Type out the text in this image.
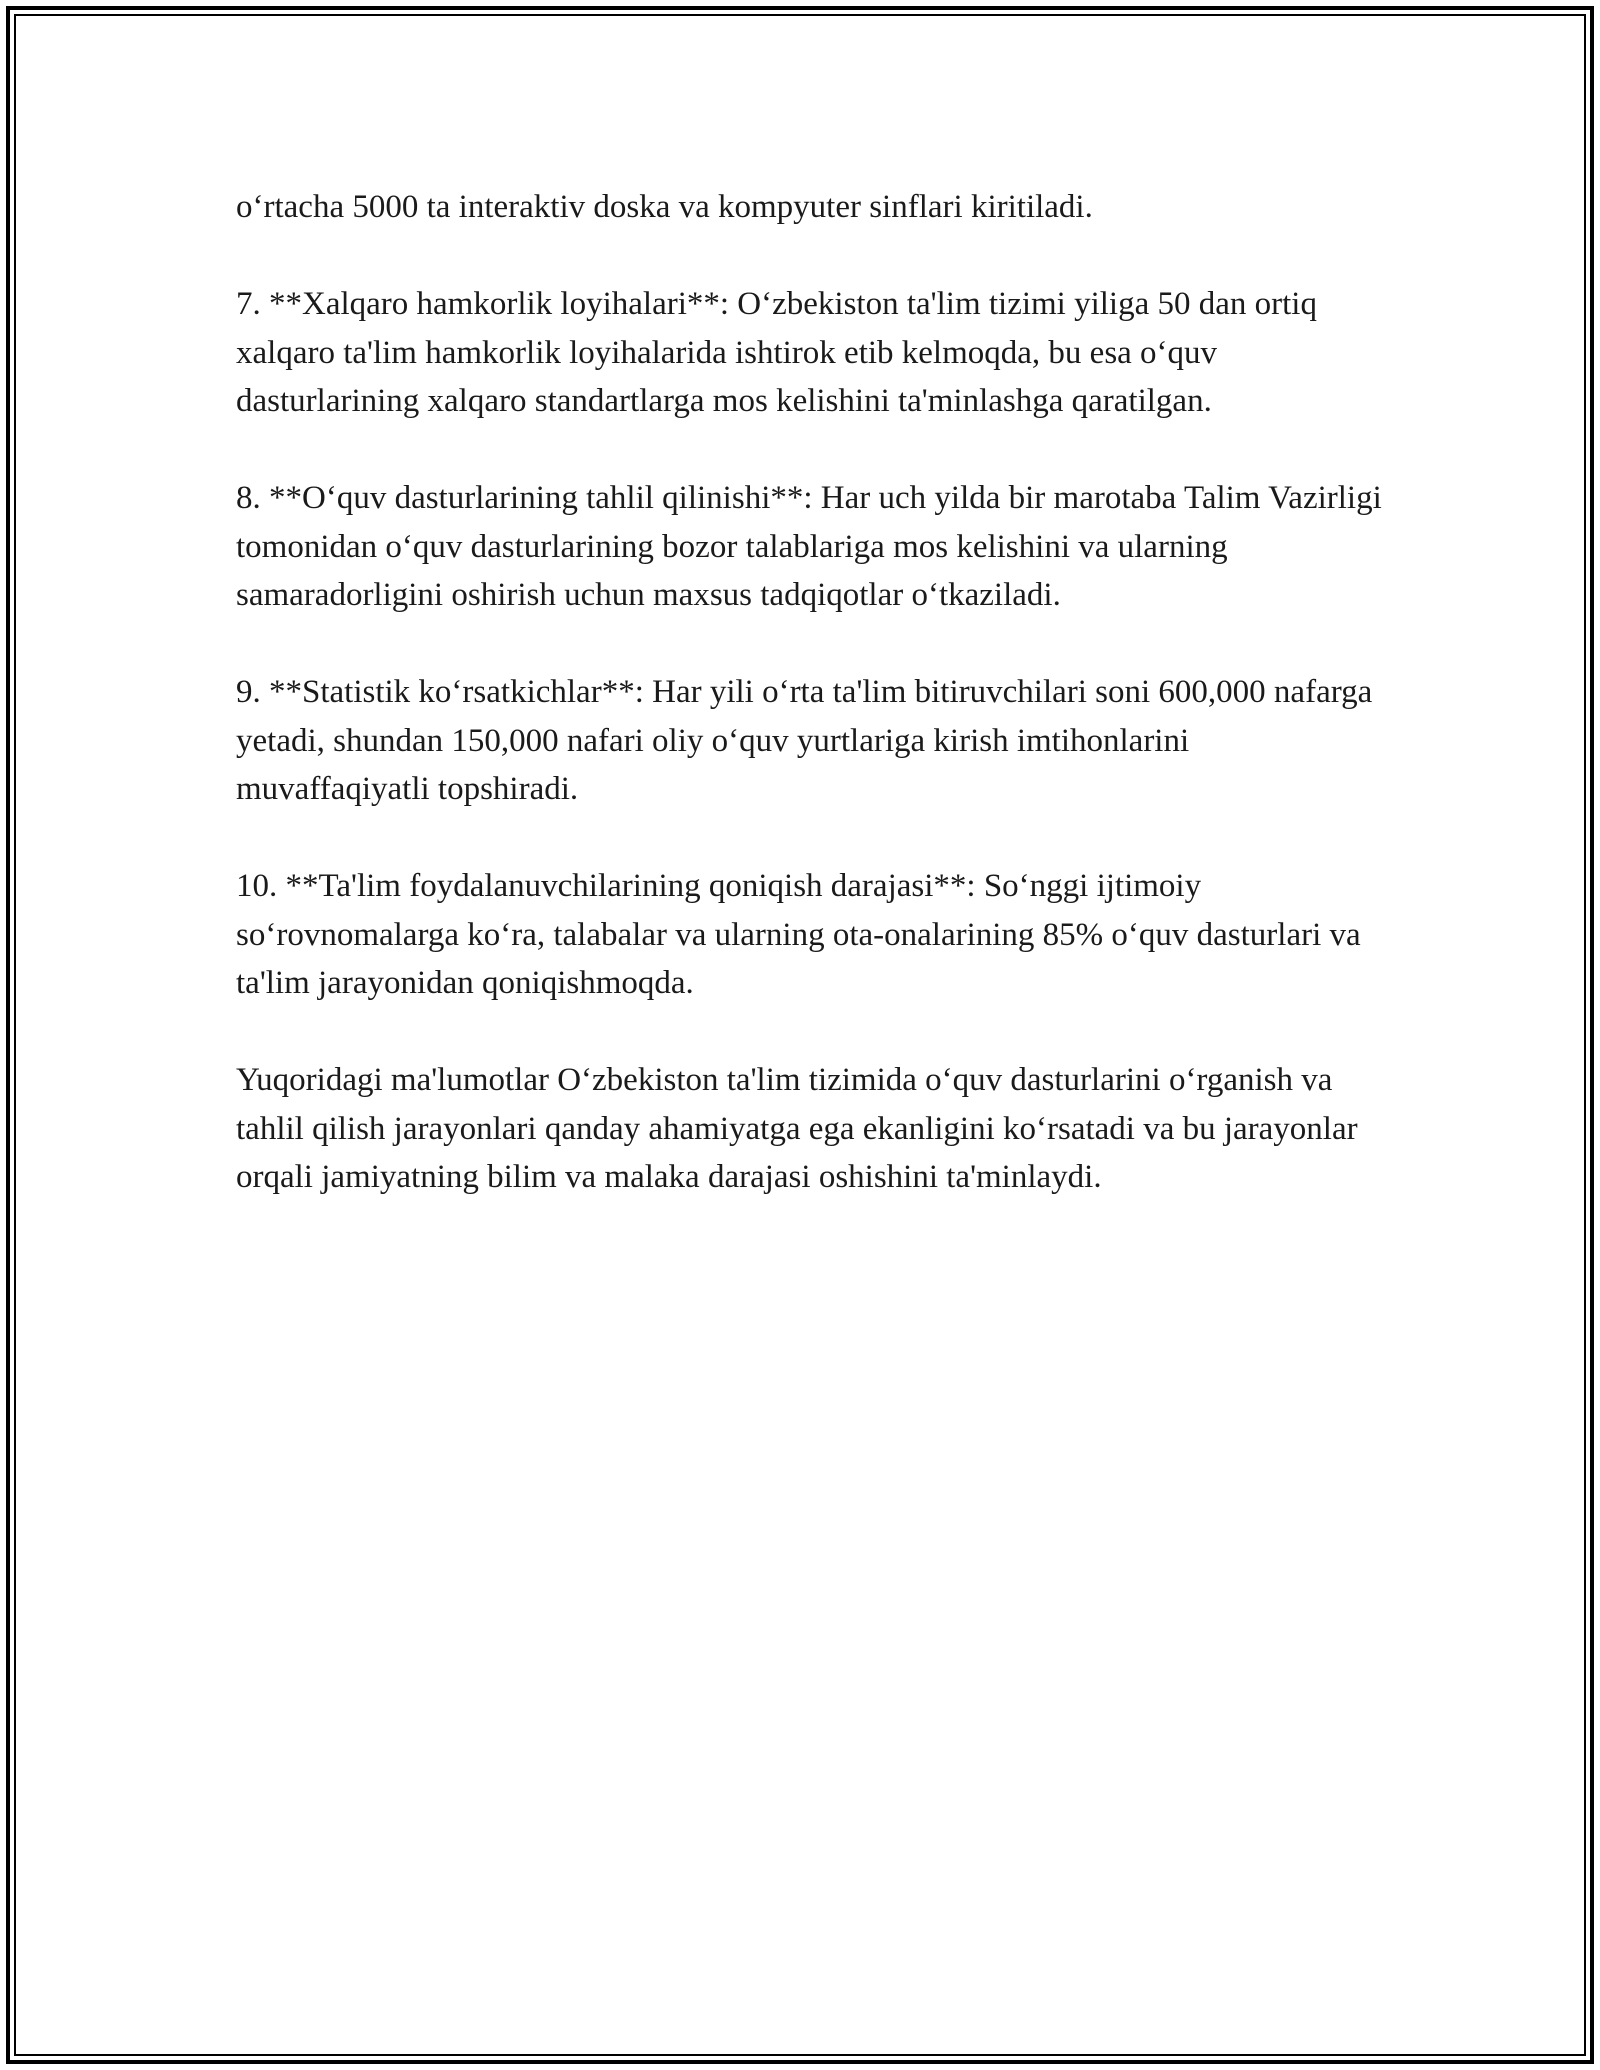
o‘rtacha 5000 ta interaktiv doska va kompyuter sinflari kiritiladi.

7. **Xalqaro hamkorlik loyihalari**: O‘zbekiston ta'lim tizimi yiliga 50 dan ortiq xalqaro ta'lim hamkorlik loyihalarida ishtirok etib kelmoqda, bu esa o‘quv dasturlarining xalqaro standartlarga mos kelishini ta'minlashga qaratilgan.

8. **O‘quv dasturlarining tahlil qilinishi**: Har uch yilda bir marotaba Talim Vazirligi tomonidan o‘quv dasturlarining bozor talablariga mos kelishini va ularning samaradorligini oshirish uchun maxsus tadqiqotlar o‘tkaziladi.

9. **Statistik ko‘rsatkichlar**: Har yili o‘rta ta'lim bitiruvchilari soni 600,000 nafarga yetadi, shundan 150,000 nafari oliy o‘quv yurtlariga kirish imtihonlarini muvaffaqiyatli topshiradi.

10. **Ta'lim foydalanuvchilarining qoniqish darajasi**: So‘nggi ijtimoiy so‘rovnomalarga ko‘ra, talabalar va ularning ota-onalarining 85% o‘quv dasturlari va ta'lim jarayonidan qoniqishmoqda.

Yuqoridagi ma'lumotlar O‘zbekiston ta'lim tizimida o‘quv dasturlarini o‘rganish va tahlil qilish jarayonlari qanday ahamiyatga ega ekanligini ko‘rsatadi va bu jarayonlar orqali jamiyatning bilim va malaka darajasi oshishini ta'minlaydi.
